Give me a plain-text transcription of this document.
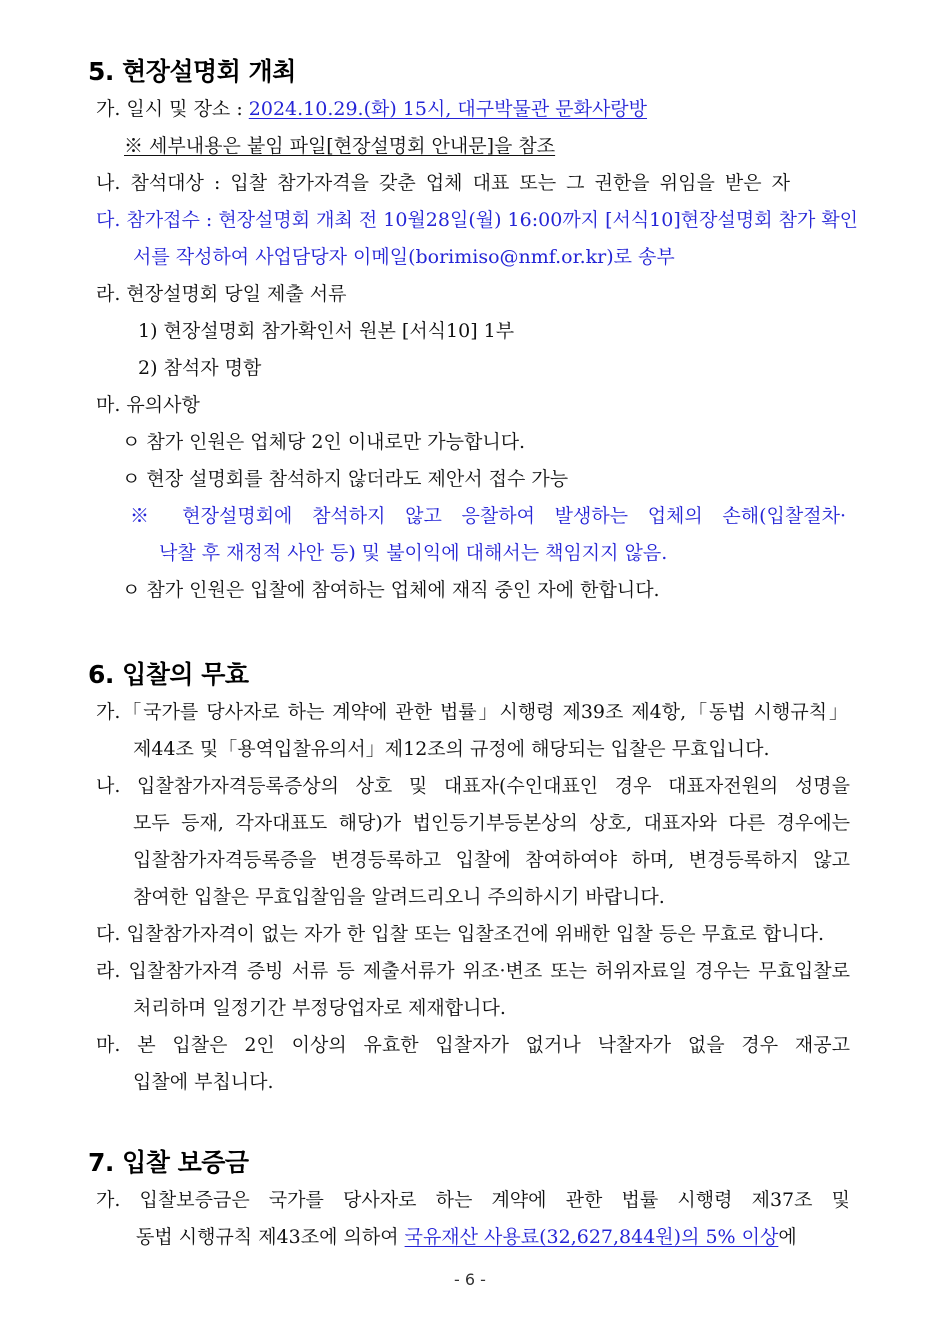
5. 현장설명회 개최
가. 일시 및 장소 : 2024.10.29.(화) 15시, 대구박물관 문화사랑방
※ 세부내용은 붙임 파일[현장설명회 안내문]을 참조
나. 참석대상 : 입찰 참가자격을 갖춘 업체 대표 또는 그 권한을 위임을 받은 자
다. 참가접수 : 현장설명회 개최 전 10월28일(월) 16:00까지 [서식10]현장설명회 참가 확인
서를 작성하여 사업담당자 이메일(borimiso@nmf.or.kr)로 송부
라. 현장설명회 당일 제출 서류
1) 현장설명회 참가확인서 원본 [서식10] 1부
2) 참석자 명함
마. 유의사항
ㅇ 참가 인원은 업체당 2인 이내로만 가능합니다.
ㅇ 현장 설명회를 참석하지 않더라도 제안서 접수 가능
※ 현장설명회에 참석하지 않고 응찰하여 발생하는 업체의 손해(입찰절차·
낙찰 후 재정적 사안 등) 및 불이익에 대해서는 책임지지 않음.
ㅇ 참가 인원은 입찰에 참여하는 업체에 재직 중인 자에 한합니다.
6. 입찰의 무효
가.「국가를 당사자로 하는 계약에 관한 법률」시행령 제39조 제4항,「동법 시행규칙」
제44조 및「용역입찰유의서」제12조의 규정에 해당되는 입찰은 무효입니다.
나. 입찰참가자격등록증상의 상호 및 대표자(수인대표인 경우 대표자전원의 성명을
모두 등재, 각자대표도 해당)가 법인등기부등본상의 상호, 대표자와 다른 경우에는
입찰참가자격등록증을 변경등록하고 입찰에 참여하여야 하며, 변경등록하지 않고
참여한 입찰은 무효입찰임을 알려드리오니 주의하시기 바랍니다.
다. 입찰참가자격이 없는 자가 한 입찰 또는 입찰조건에 위배한 입찰 등은 무효로 합니다.
라. 입찰참가자격 증빙 서류 등 제출서류가 위조·변조 또는 허위자료일 경우는 무효입찰로
처리하며 일정기간 부정당업자로 제재합니다.
마. 본 입찰은 2인 이상의 유효한 입찰자가 없거나 낙찰자가 없을 경우 재공고
입찰에 부칩니다.
7. 입찰 보증금
가. 입찰보증금은 국가를 당사자로 하는 계약에 관한 법률 시행령 제37조 및
동법 시행규칙 제43조에 의하여 국유재산 사용료(32,627,844원)의 5% 이상에
- 6 -
